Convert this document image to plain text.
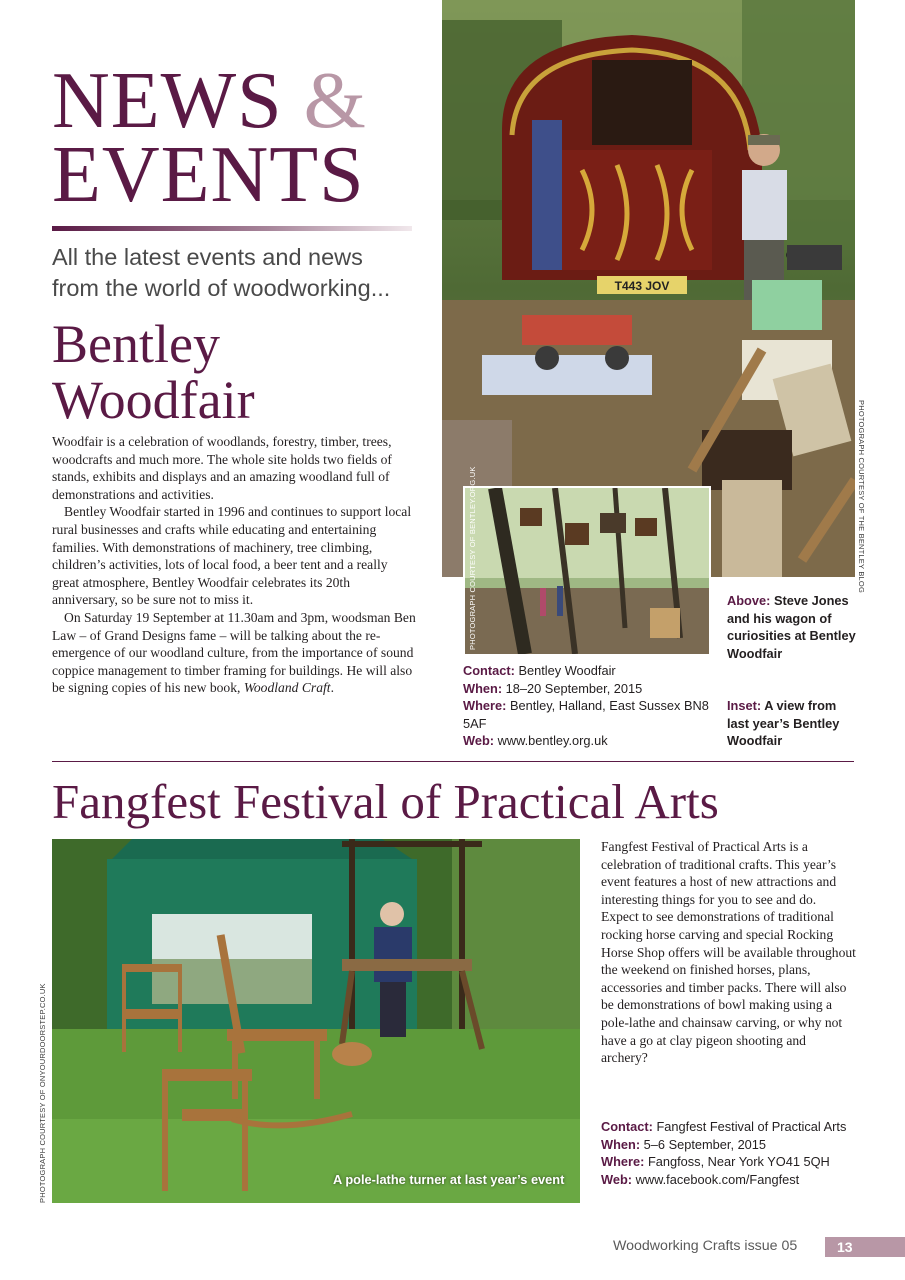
NEWS &
EVENTS
All the latest events and news
from the world of woodworking...
Bentley
Woodfair

Woodfair is a celebration of woodlands, forestry, timber, trees, woodcrafts and much more. The whole site holds two fields of stands, exhibits and displays and an amazing woodland full of demonstrations and activities.

Bentley Woodfair started in 1996 and continues to support local rural businesses and crafts while educating and entertaining families. With demonstrations of machinery, tree climbing, children’s activities, lots of local food, a beer tent and a really great atmosphere, Bentley Woodfair celebrates its 20th anniversary, so be sure not to miss it.

On Saturday 19 September at 11.30am and 3pm, woodsman Ben Law – of Grand Designs fame – will be talking about the re-emergence of our woodland culture, from the importance of sound coppice management to timber framing for buildings. He will also be signing copies of his new book, Woodland Craft.

T443 JOV
PHOTOGRAPH COURTESY OF THE BENTLEY BLOG
PHOTOGRAPH COURTESY OF BENTLEY.ORG.UK	Above: Steve Jones and his wagon of curiosities at Bentley Woodfair
Inset: A view from last year’s Bentley Woodfair
Contact: Bentley Woodfair
When: 18–20 September, 2015
Where: Bentley, Halland, East Sussex BN8 5AF
Web: www.bentley.org.uk
Fangfest Festival of Practical Arts
A pole-lathe turner at last year’s event
PHOTOGRAPH COURTESY OF ONYOURDOORSTEP.CO.UK

Fangfest Festival of Practical Arts is a celebration of traditional crafts. This year’s event features a host of new attractions and interesting things for you to see and do. Expect to see demonstrations of traditional rocking horse carving and special Rocking Horse Shop offers will be available throughout the weekend on finished horses, plans, accessories and timber packs. There will also be demonstrations of bowl making using a pole-lathe and chainsaw carving, or why not have a go at clay pigeon shooting and archery?

Contact: Fangfest Festival of Practical Arts
When: 5–6 September, 2015
Where: Fangfoss, Near York YO41 5QH
Web: www.facebook.com/Fangfest
Woodworking Crafts issue 05	13
